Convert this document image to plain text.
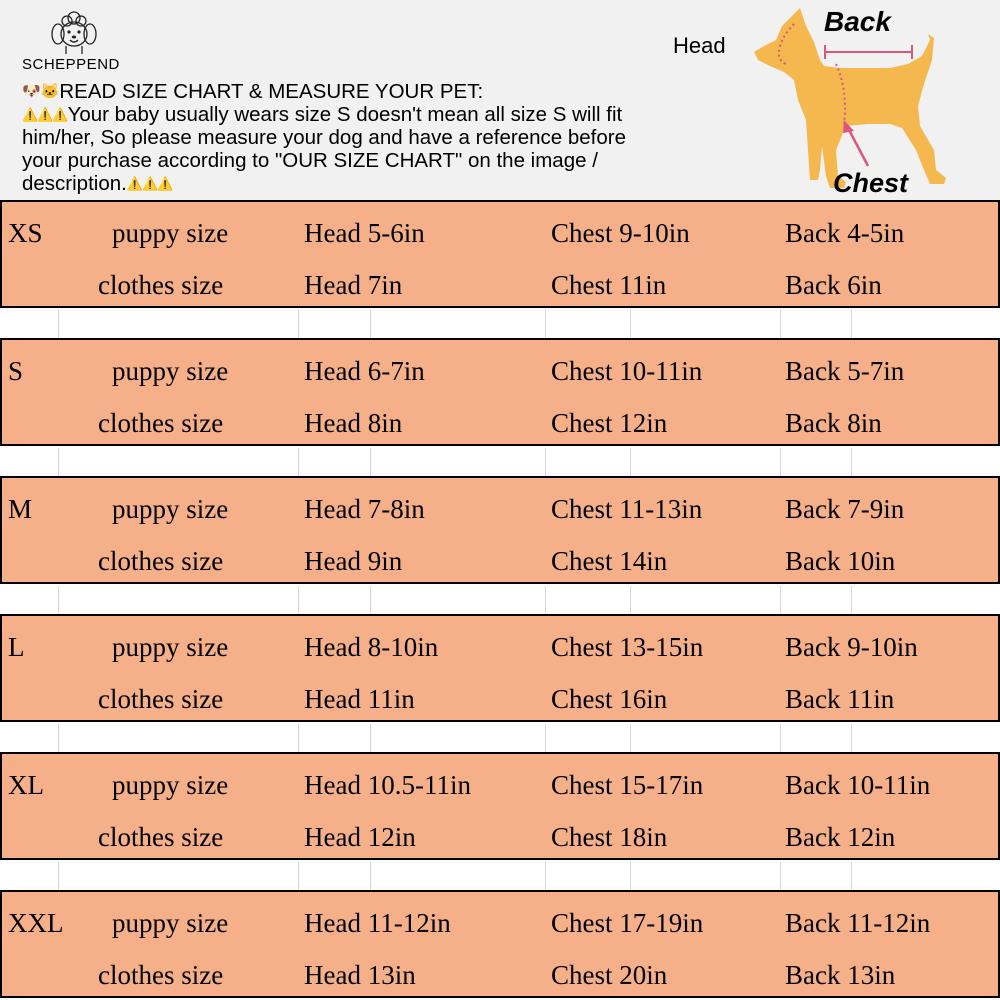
SCHEPPEND
🐶🐱READ SIZE CHART & MEASURE YOUR PET:
⚠️⚠️⚠️Your baby usually wears size S doesn't mean all size S will fit
him/her, So please measure your dog and have a reference before
your purchase according to "OUR SIZE CHART" on the image /
description.⚠️⚠️⚠️
Head
Back
Chest
XS	puppy size	Head 5-6in	Chest 9-10in	Back 4-5in
clothes size	Head 7in	Chest 11in	Back 6in
S	puppy size	Head 6-7in	Chest 10-11in	Back 5-7in
clothes size	Head 8in	Chest 12in	Back 8in
M	puppy size	Head 7-8in	Chest 11-13in	Back 7-9in
clothes size	Head 9in	Chest 14in	Back 10in
L	puppy size	Head 8-10in	Chest 13-15in	Back 9-10in
clothes size	Head 11in	Chest 16in	Back 11in
XL	puppy size	Head 10.5-11in	Chest 15-17in	Back 10-11in
clothes size	Head 12in	Chest 18in	Back 12in
XXL puppy size	Head 11-12in	Chest 17-19in	Back 11-12in
clothes size	Head 13in	Chest 20in	Back 13in
